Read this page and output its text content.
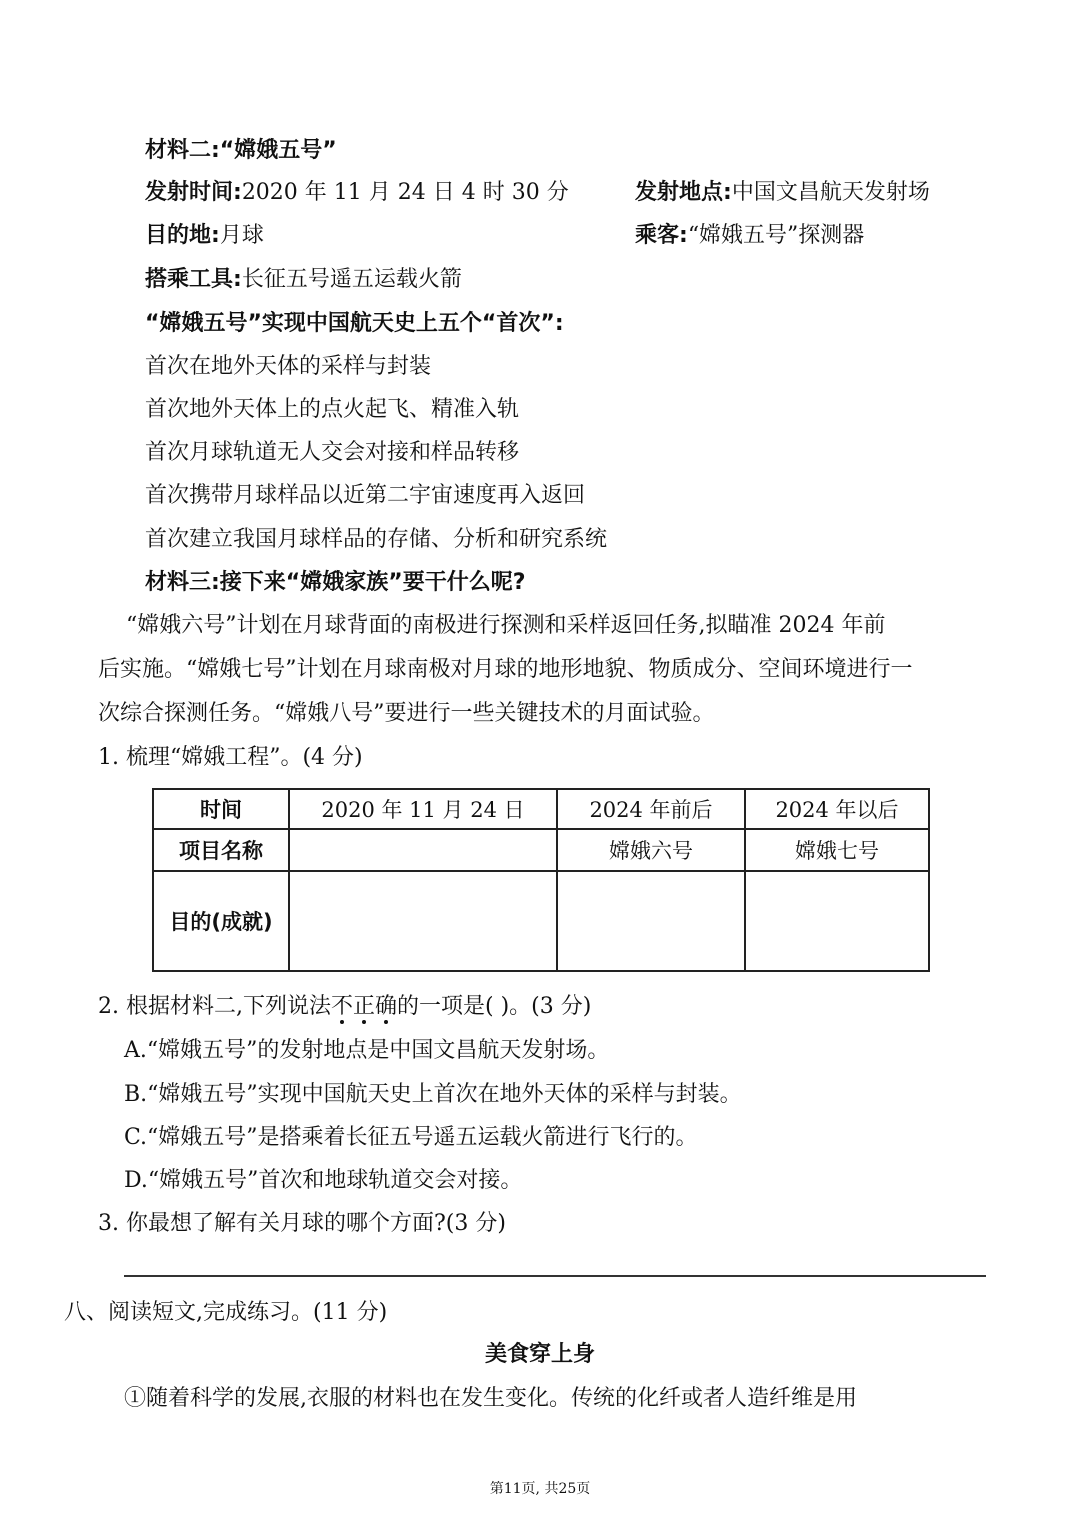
材料二:“嫦娥五号”
发射时间:2020 年 11 月 24 日 4 时 30 分	发射地点:中国文昌航天发射场
目的地:月球	乘客:“嫦娥五号”探测器
搭乘工具:长征五号遥五运载火箭
“嫦娥五号”实现中国航天史上五个“首次”:
首次在地外天体的采样与封装
首次地外天体上的点火起飞、精准入轨
首次月球轨道无人交会对接和样品转移
首次携带月球样品以近第二宇宙速度再入返回
首次建立我国月球样品的存储、分析和研究系统
材料三:接下来“嫦娥家族”要干什么呢?
“嫦娥六号”计划在月球背面的南极进行探测和采样返回任务,拟瞄准 2024 年前
后实施。“嫦娥七号”计划在月球南极对月球的地形地貌、物质成分、空间环境进行一
次综合探测任务。“嫦娥八号”要进行一些关键技术的月面试验。
1. 梳理“嫦娥工程”。(4 分)
时间	2020 年 11 月 24 日	2024 年前后	2024 年以后
项目名称		嫦娥六号	嫦娥七号
目的(成就)			
2. 根据材料二,下列说法不正确
的一项是( )。(3 分)
A.“嫦娥五号”的发射地点是中国文昌航天发射场。
B.“嫦娥五号”实现中国航天史上首次在地外天体的采样与封装。
C.“嫦娥五号”是搭乘着长征五号遥五运载火箭进行飞行的。
D.“嫦娥五号”首次和地球轨道交会对接。
3. 你最想了解有关月球的哪个方面?(3 分)
八、阅读短文,完成练习。(11 分)
美食穿上身
①随着科学的发展,衣服的材料也在发生变化。传统的化纤或者人造纤维是用
第11页, 共25页
